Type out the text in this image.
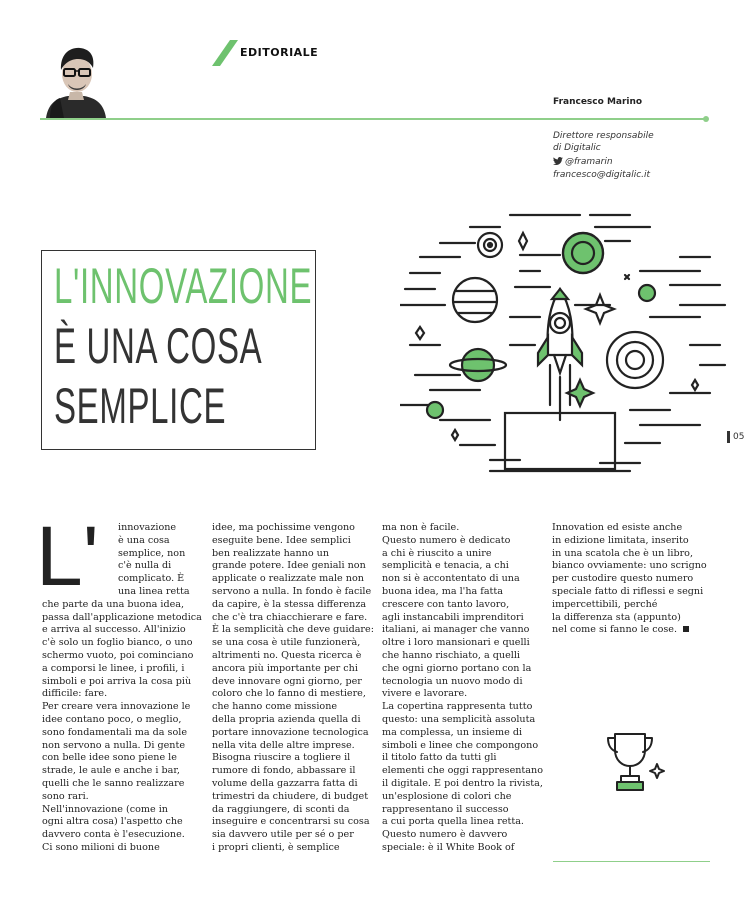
EDITORIALE
Francesco Marino
Direttore responsabile
di Digitalic
@framarin
francesco@digitalic.it
L'INNOVAZIONE
È UNA COSA
SEMPLICE
05
L'	innovazione
è una cosa
semplice, non
c'è nulla di
complicato. È
una linea retta
che parte da una buona idea,
passa dall'applicazione metodica
e arriva al successo. All'inizio
c'è solo un foglio bianco, o uno
schermo vuoto, poi cominciano
a comporsi le linee, i profili, i
simboli e poi arriva la cosa più
difficile: fare.
Per creare vera innovazione le
idee contano poco, o meglio,
sono fondamentali ma da sole
non servono a nulla. Di gente
con belle idee sono piene le
strade, le aule e anche i bar,
quelli che le sanno realizzare
sono rari.
Nell'innovazione (come in
ogni altra cosa) l'aspetto che
davvero conta è l'esecuzione.
Ci sono milioni di buone
idee, ma pochissime vengono
eseguite bene. Idee semplici
ben realizzate hanno un
grande potere. Idee geniali non
applicate o realizzate male non
servono a nulla. In fondo è facile
da capire, è la stessa differenza
che c'è tra chiacchierare e fare.
È la semplicità che deve guidare:
se una cosa è utile funzionerà,
altrimenti no. Questa ricerca è
ancora più importante per chi
deve innovare ogni giorno, per
coloro che lo fanno di mestiere,
che hanno come missione
della propria azienda quella di
portare innovazione tecnologica
nella vita delle altre imprese.
Bisogna riuscire a togliere il
rumore di fondo, abbassare il
volume della gazzarra fatta di
trimestri da chiudere, di budget
da raggiungere, di sconti da
inseguire e concentrarsi su cosa
sia davvero utile per sé o per
i propri clienti, è semplice
ma non è facile.
Questo numero è dedicato
a chi è riuscito a unire
semplicità e tenacia, a chi
non si è accontentato di una
buona idea, ma l'ha fatta
crescere con tanto lavoro,
agli instancabili imprenditori
italiani, ai manager che vanno
oltre i loro mansionari e quelli
che hanno rischiato, a quelli
che ogni giorno portano con la
tecnologia un nuovo modo di
vivere e lavorare.
La copertina rappresenta tutto
questo: una semplicità assoluta
ma complessa, un insieme di
simboli e linee che compongono
il titolo fatto da tutti gli
elementi che oggi rappresentano
il digitale. E poi dentro la rivista,
un'esplosione di colori che
rappresentano il successo
a cui porta quella linea retta.
Questo numero è davvero
speciale: è il White Book of
Innovation ed esiste anche
in edizione limitata, inserito
in una scatola che è un libro,
bianco ovviamente: uno scrigno
per custodire questo numero
speciale fatto di riflessi e segni
impercettibili, perché
la differenza sta (appunto)
nel come si fanno le cose.
